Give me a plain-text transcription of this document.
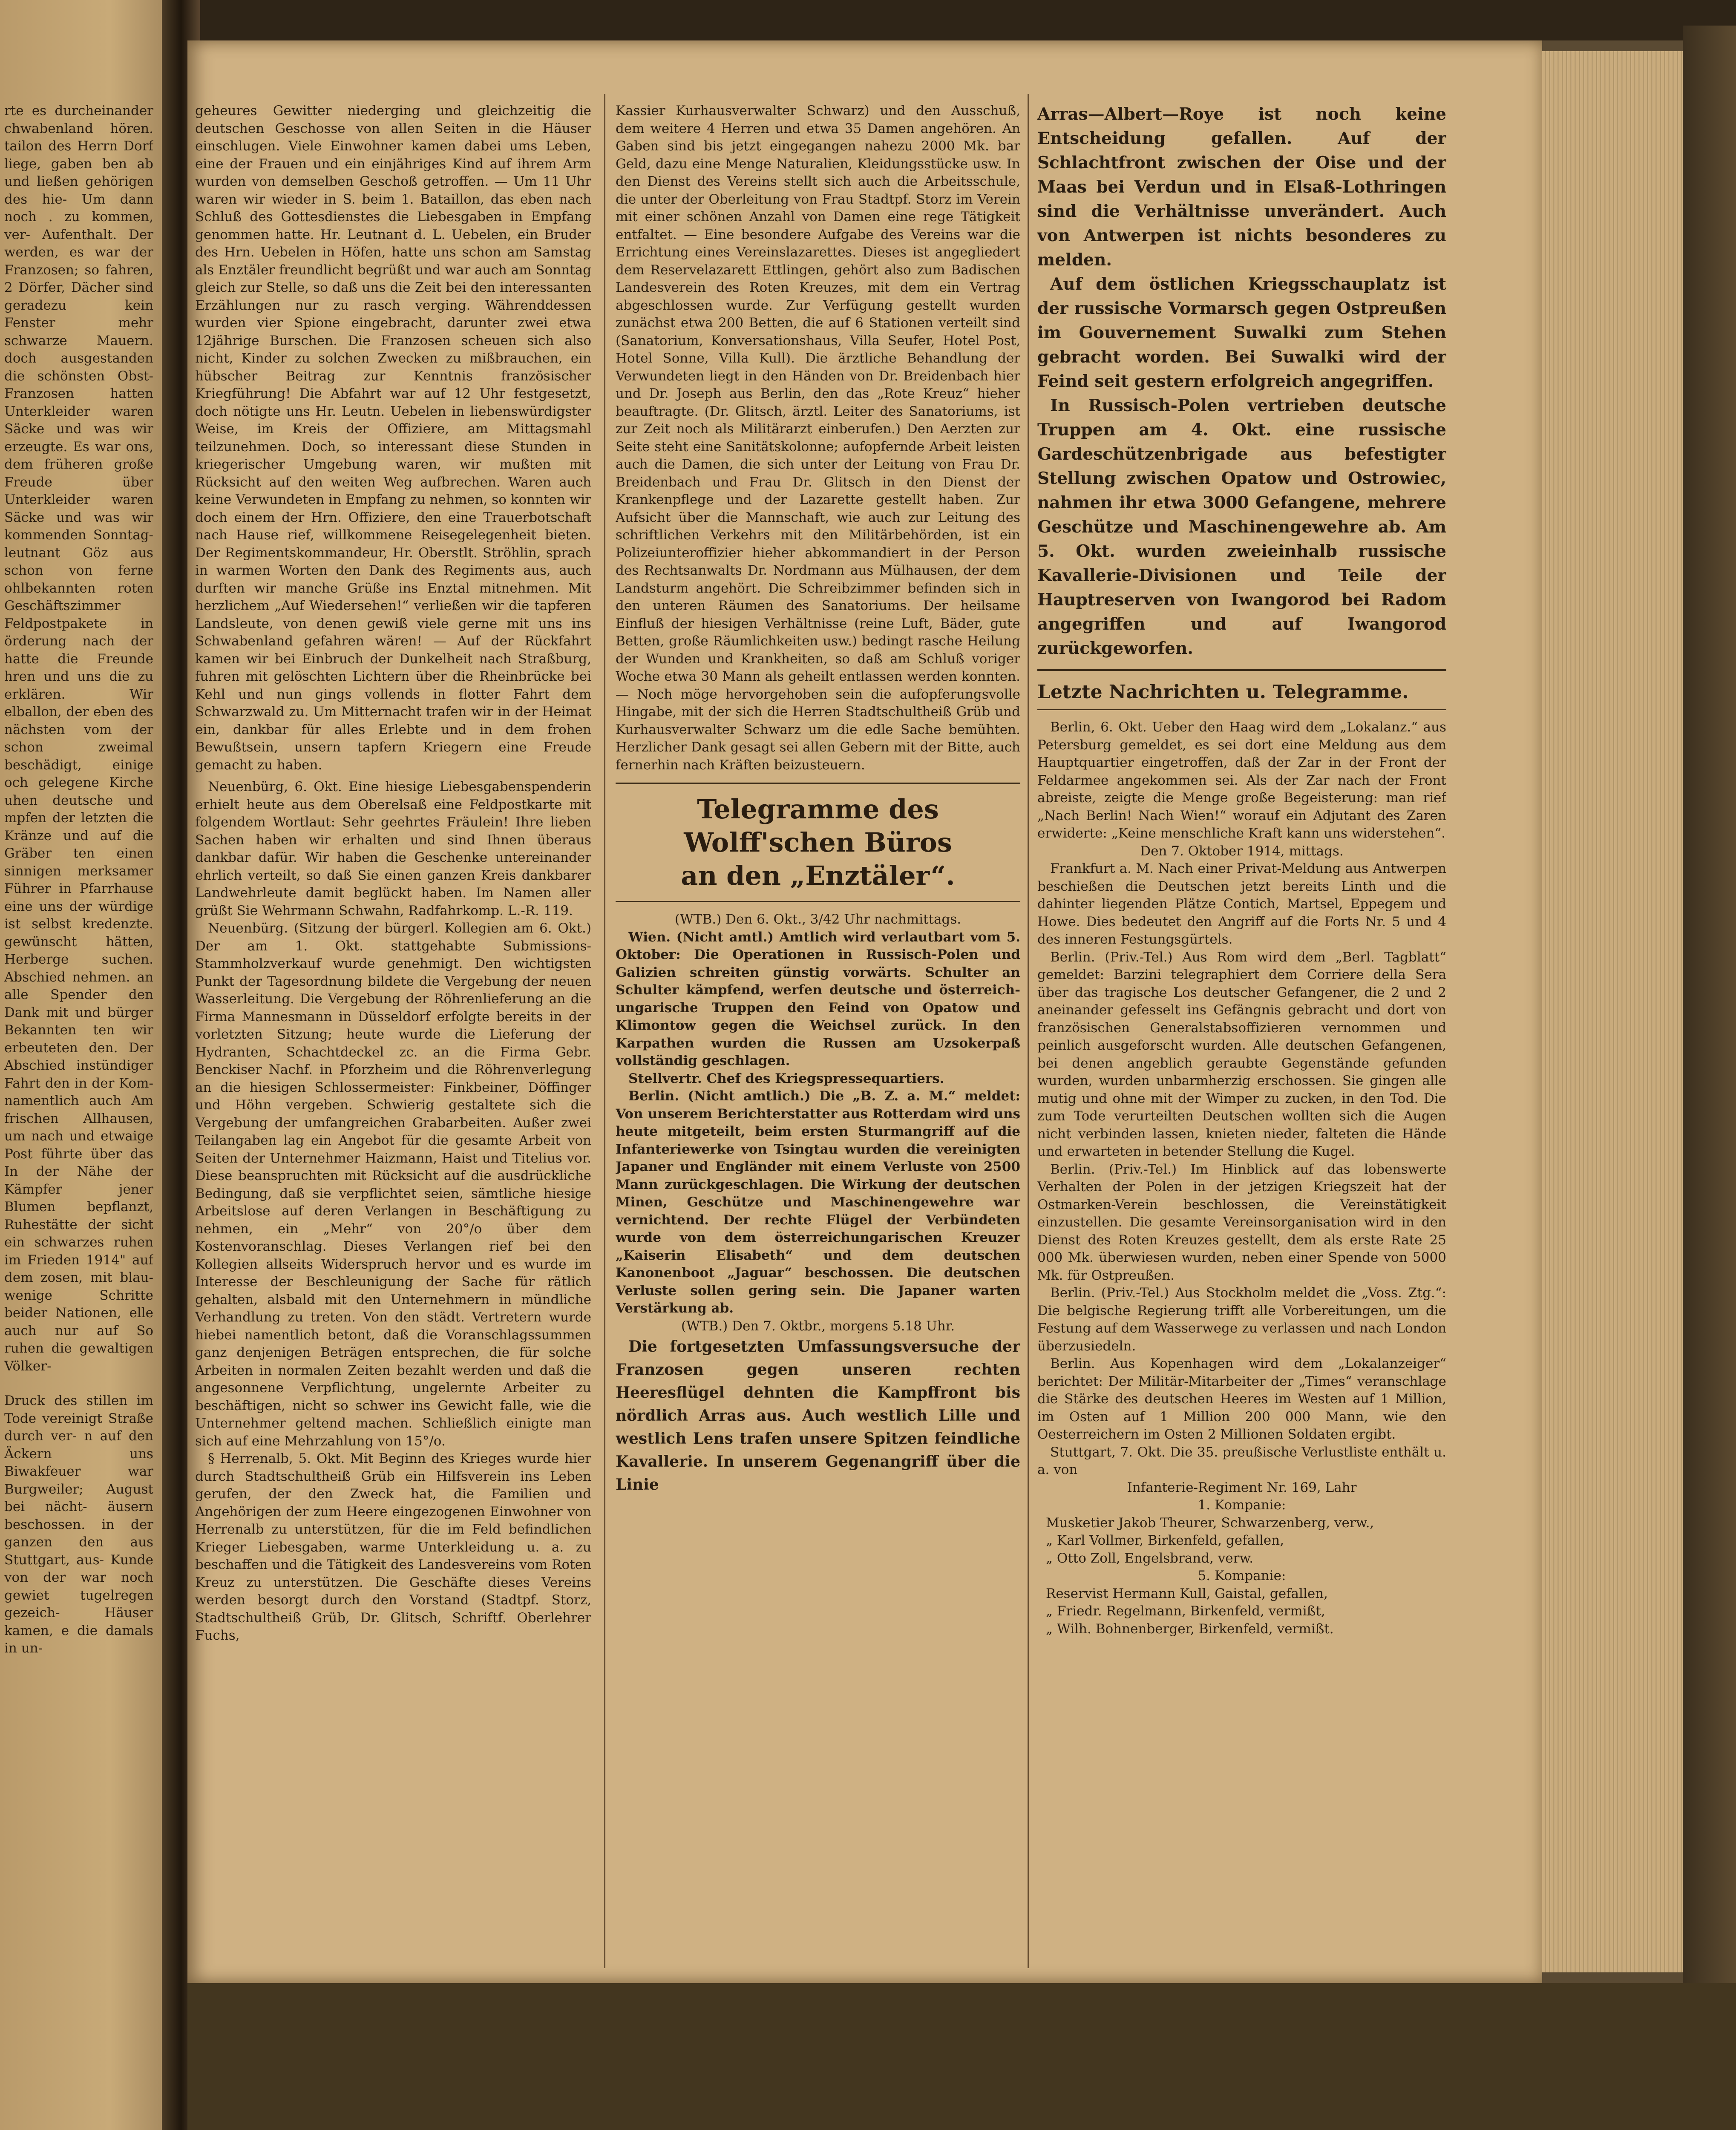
rte es durcheinander chwabenland hören. tailon des Herrn Dorf liege, gaben ben ab und ließen gehörigen des hie- Um dann noch . zu kommen, ver- Aufenthalt. Der werden, es war der Franzosen; so fahren, 2 Dörfer, Dächer sind geradezu kein Fenster mehr schwarze Mauern. doch ausgestanden die schönsten Obst- Franzosen hatten Unterkleider waren Säcke und was wir erzeugte. Es war ons, dem früheren große Freude über Unterkleider waren Säcke und was wir kommenden Sonntag- leutnant Göz aus schon von ferne ohlbekannten roten Geschäftszimmer Feldpostpakete in örderung nach der hatte die Freunde hren und uns die zu erklären. Wir elballon, der eben des nächsten vom der schon zweimal beschädigt, einige och gelegene Kirche uhen deutsche und mpfen der letzten die Kränze und auf die Gräber ten einen sinnigen merksamer Führer in Pfarrhause eine uns der würdige ist selbst kredenzte. gewünscht hätten, Herberge suchen. Abschied nehmen. an alle Spender den Dank mit und bürger Bekannten ten wir erbeuteten den. Der Abschied instündiger Fahrt den in der Kom- namentlich auch Am frischen Allhausen, um nach und etwaige Post führte über das In der Nähe der Kämpfer jener Blumen bepflanzt, Ruhestätte der sicht ein schwarzes ruhen im Frieden 1914" auf dem zosen, mit blau- wenige Schritte beider Nationen, elle auch nur auf So ruhen die gewaltigen Völker-

Druck des stillen im Tode vereinigt Straße durch ver- n auf den Äckern uns Biwakfeuer war Burgweiler; August bei nächt- äusern beschossen. in der ganzen den aus Stuttgart, aus- Kunde von der war noch gewiet tugelregen gezeich- Häuser kamen, e die damals in un-

geheures Gewitter niederging und gleichzeitig die deutschen Geschosse von allen Seiten in die Häuser einschlugen. Viele Einwohner kamen dabei ums Leben, eine der Frauen und ein einjähriges Kind auf ihrem Arm wurden von demselben Geschoß getroffen. — Um 11 Uhr waren wir wieder in S. beim 1. Bataillon, das eben nach Schluß des Gottesdienstes die Liebesgaben in Empfang genommen hatte. Hr. Leutnant d. L. Uebelen, ein Bruder des Hrn. Uebelen in Höfen, hatte uns schon am Samstag als Enztäler freundlicht begrüßt und war auch am Sonntag gleich zur Stelle, so daß uns die Zeit bei den interessanten Erzählungen nur zu rasch verging. Währenddessen wurden vier Spione eingebracht, darunter zwei etwa 12jährige Burschen. Die Franzosen scheuen sich also nicht, Kinder zu solchen Zwecken zu mißbrauchen, ein hübscher Beitrag zur Kenntnis französischer Kriegführung! Die Abfahrt war auf 12 Uhr festgesetzt, doch nötigte uns Hr. Leutn. Uebelen in liebenswürdigster Weise, im Kreis der Offiziere, am Mittagsmahl teilzunehmen. Doch, so interessant diese Stunden in kriegerischer Umgebung waren, wir mußten mit Rücksicht auf den weiten Weg aufbrechen. Waren auch keine Verwundeten in Empfang zu nehmen, so konnten wir doch einem der Hrn. Offiziere, den eine Trauerbotschaft nach Hause rief, willkommene Reisegelegenheit bieten. Der Regimentskommandeur, Hr. Oberstlt. Ströhlin, sprach in warmen Worten den Dank des Regiments aus, auch durften wir manche Grüße ins Enztal mitnehmen. Mit herzlichem „Auf Wiedersehen!“ verließen wir die tapferen Landsleute, von denen gewiß viele gerne mit uns ins Schwabenland gefahren wären! — Auf der Rückfahrt kamen wir bei Einbruch der Dunkelheit nach Straßburg, fuhren mit gelöschten Lichtern über die Rheinbrücke bei Kehl und nun gings vollends in flotter Fahrt dem Schwarzwald zu. Um Mitternacht trafen wir in der Heimat ein, dankbar für alles Erlebte und in dem frohen Bewußtsein, unsern tapfern Kriegern eine Freude gemacht zu haben.

Neuenbürg, 6. Okt. Eine hiesige Liebesgabenspenderin erhielt heute aus dem Oberelsaß eine Feldpostkarte mit folgendem Wortlaut: Sehr geehrtes Fräulein! Ihre lieben Sachen haben wir erhalten und sind Ihnen überaus dankbar dafür. Wir haben die Geschenke untereinander ehrlich verteilt, so daß Sie einen ganzen Kreis dankbarer Landwehrleute damit beglückt haben. Im Namen aller grüßt Sie Wehrmann Schwahn, Radfahrkomp. L.-R. 119.

Neuenbürg. (Sitzung der bürgerl. Kollegien am 6. Okt.) Der am 1. Okt. stattgehabte Submissions-Stammholzverkauf wurde genehmigt. Den wichtigsten Punkt der Tagesordnung bildete die Vergebung der neuen Wasserleitung. Die Vergebung der Röhrenlieferung an die Firma Mannesmann in Düsseldorf erfolgte bereits in der vorletzten Sitzung; heute wurde die Lieferung der Hydranten, Schachtdeckel zc. an die Firma Gebr. Benckiser Nachf. in Pforzheim und die Röhrenverlegung an die hiesigen Schlossermeister: Finkbeiner, Döffinger und Höhn vergeben. Schwierig gestaltete sich die Vergebung der umfangreichen Grabarbeiten. Außer zwei Teilangaben lag ein Angebot für die gesamte Arbeit von Seiten der Unternehmer Haizmann, Haist und Titelius vor. Diese beanspruchten mit Rücksicht auf die ausdrückliche Bedingung, daß sie verpflichtet seien, sämtliche hiesige Arbeitslose auf deren Verlangen in Beschäftigung zu nehmen, ein „Mehr“ von 20°/o über dem Kostenvoranschlag. Dieses Verlangen rief bei den Kollegien allseits Widerspruch hervor und es wurde im Interesse der Beschleunigung der Sache für rätlich gehalten, alsbald mit den Unternehmern in mündliche Verhandlung zu treten. Von den städt. Vertretern wurde hiebei namentlich betont, daß die Voranschlagssummen ganz denjenigen Beträgen entsprechen, die für solche Arbeiten in normalen Zeiten bezahlt werden und daß die angesonnene Verpflichtung, ungelernte Arbeiter zu beschäftigen, nicht so schwer ins Gewicht falle, wie die Unternehmer geltend machen. Schließlich einigte man sich auf eine Mehrzahlung von 15°/o.

§ Herrenalb, 5. Okt. Mit Beginn des Krieges wurde hier durch Stadtschultheiß Grüb ein Hilfsverein ins Leben gerufen, der den Zweck hat, die Familien und Angehörigen der zum Heere eingezogenen Einwohner von Herrenalb zu unterstützen, für die im Feld befindlichen Krieger Liebesgaben, warme Unterkleidung u. a. zu beschaffen und die Tätigkeit des Landesvereins vom Roten Kreuz zu unterstützen. Die Geschäfte dieses Vereins werden besorgt durch den Vorstand (Stadtpf. Storz, Stadtschultheiß Grüb, Dr. Glitsch, Schriftf. Oberlehrer Fuchs,

Kassier Kurhausverwalter Schwarz) und den Ausschuß, dem weitere 4 Herren und etwa 35 Damen angehören. An Gaben sind bis jetzt eingegangen nahezu 2000 Mk. bar Geld, dazu eine Menge Naturalien, Kleidungsstücke usw. In den Dienst des Vereins stellt sich auch die Arbeitsschule, die unter der Oberleitung von Frau Stadtpf. Storz im Verein mit einer schönen Anzahl von Damen eine rege Tätigkeit entfaltet. — Eine besondere Aufgabe des Vereins war die Errichtung eines Vereinslazarettes. Dieses ist angegliedert dem Reservelazarett Ettlingen, gehört also zum Badischen Landesverein des Roten Kreuzes, mit dem ein Vertrag abgeschlossen wurde. Zur Verfügung gestellt wurden zunächst etwa 200 Betten, die auf 6 Stationen verteilt sind (Sanatorium, Konversationshaus, Villa Seufer, Hotel Post, Hotel Sonne, Villa Kull). Die ärztliche Behandlung der Verwundeten liegt in den Händen von Dr. Breidenbach hier und Dr. Joseph aus Berlin, den das „Rote Kreuz“ hieher beauftragte. (Dr. Glitsch, ärztl. Leiter des Sanatoriums, ist zur Zeit noch als Militärarzt einberufen.) Den Aerzten zur Seite steht eine Sanitätskolonne; aufopfernde Arbeit leisten auch die Damen, die sich unter der Leitung von Frau Dr. Breidenbach und Frau Dr. Glitsch in den Dienst der Krankenpflege und der Lazarette gestellt haben. Zur Aufsicht über die Mannschaft, wie auch zur Leitung des schriftlichen Verkehrs mit den Militärbehörden, ist ein Polizeiunteroffizier hieher abkommandiert in der Person des Rechtsanwalts Dr. Nordmann aus Mülhausen, der dem Landsturm angehört. Die Schreibzimmer befinden sich in den unteren Räumen des Sanatoriums. Der heilsame Einfluß der hiesigen Verhältnisse (reine Luft, Bäder, gute Betten, große Räumlichkeiten usw.) bedingt rasche Heilung der Wunden und Krankheiten, so daß am Schluß voriger Woche etwa 30 Mann als geheilt entlassen werden konnten. — Noch möge hervorgehoben sein die aufopferungsvolle Hingabe, mit der sich die Herren Stadtschultheiß Grüb und Kurhausverwalter Schwarz um die edle Sache bemühten. Herzlicher Dank gesagt sei allen Gebern mit der Bitte, auch fernerhin nach Kräften beizusteuern.

Telegramme des Wolff'schen Büros
an den „Enztäler“.

(WTB.) Den 6. Okt., 3/42 Uhr nachmittags.

Wien. (Nicht amtl.) Amtlich wird verlautbart vom 5. Oktober: Die Operationen in Russisch-Polen und Galizien schreiten günstig vorwärts. Schulter an Schulter kämpfend, werfen deutsche und österreich-ungarische Truppen den Feind von Opatow und Klimontow gegen die Weichsel zurück. In den Karpathen wurden die Russen am Uzsokerpaß vollständig geschlagen.

Stellvertr. Chef des Kriegspressequartiers.

Berlin. (Nicht amtlich.) Die „B. Z. a. M.“ meldet: Von unserem Berichterstatter aus Rotterdam wird uns heute mitgeteilt, beim ersten Sturmangriff auf die Infanteriewerke von Tsingtau wurden die vereinigten Japaner und Engländer mit einem Verluste von 2500 Mann zurückgeschlagen. Die Wirkung der deutschen Minen, Geschütze und Maschinengewehre war vernichtend. Der rechte Flügel der Verbündeten wurde von dem österreichungarischen Kreuzer „Kaiserin Elisabeth“ und dem deutschen Kanonenboot „Jaguar“ beschossen. Die deutschen Verluste sollen gering sein. Die Japaner warten Verstärkung ab.

(WTB.) Den 7. Oktbr., morgens 5.18 Uhr.

Die fortgesetzten Umfassungsversuche der Franzosen gegen unseren rechten Heeresflügel dehnten die Kampffront bis nördlich Arras aus. Auch westlich Lille und westlich Lens trafen unsere Spitzen feindliche Kavallerie. In unserem Gegenangriff über die Linie

Arras—Albert—Roye ist noch keine Entscheidung gefallen. Auf der Schlachtfront zwischen der Oise und der Maas bei Verdun und in Elsaß-Lothringen sind die Verhältnisse unverändert. Auch von Antwerpen ist nichts besonderes zu melden.

Auf dem östlichen Kriegsschauplatz ist der russische Vormarsch gegen Ostpreußen im Gouvernement Suwalki zum Stehen gebracht worden. Bei Suwalki wird der Feind seit gestern erfolgreich angegriffen.

In Russisch-Polen vertrieben deutsche Truppen am 4. Okt. eine russische Gardeschützenbrigade aus befestigter Stellung zwischen Opatow und Ostrowiec, nahmen ihr etwa 3000 Gefangene, mehrere Geschütze und Maschinengewehre ab. Am 5. Okt. wurden zweieinhalb russische Kavallerie-Divisionen und Teile der Hauptreserven von Iwangorod bei Radom angegriffen und auf Iwangorod zurückgeworfen.

Letzte Nachrichten u. Telegramme.

Berlin, 6. Okt. Ueber den Haag wird dem „Lokalanz.“ aus Petersburg gemeldet, es sei dort eine Meldung aus dem Hauptquartier eingetroffen, daß der Zar in der Front der Feldarmee angekommen sei. Als der Zar nach der Front abreiste, zeigte die Menge große Begeisterung: man rief „Nach Berlin! Nach Wien!“ worauf ein Adjutant des Zaren erwiderte: „Keine menschliche Kraft kann uns widerstehen“.

Den 7. Oktober 1914, mittags.

Frankfurt a. M. Nach einer Privat-Meldung aus Antwerpen beschießen die Deutschen jetzt bereits Linth und die dahinter liegenden Plätze Contich, Martsel, Eppegem und Howe. Dies bedeutet den Angriff auf die Forts Nr. 5 und 4 des inneren Festungsgürtels.

Berlin. (Priv.-Tel.) Aus Rom wird dem „Berl. Tagblatt“ gemeldet: Barzini telegraphiert dem Corriere della Sera über das tragische Los deutscher Gefangener, die 2 und 2 aneinander gefesselt ins Gefängnis gebracht und dort von französischen Generalstabsoffizieren vernommen und peinlich ausgeforscht wurden. Alle deutschen Gefangenen, bei denen angeblich geraubte Gegenstände gefunden wurden, wurden unbarmherzig erschossen. Sie gingen alle mutig und ohne mit der Wimper zu zucken, in den Tod. Die zum Tode verurteilten Deutschen wollten sich die Augen nicht verbinden lassen, knieten nieder, falteten die Hände und erwarteten in betender Stellung die Kugel.

Berlin. (Priv.-Tel.) Im Hinblick auf das lobenswerte Verhalten der Polen in der jetzigen Kriegszeit hat der Ostmarken-Verein beschlossen, die Vereinstätigkeit einzustellen. Die gesamte Vereinsorganisation wird in den Dienst des Roten Kreuzes gestellt, dem als erste Rate 25 000 Mk. überwiesen wurden, neben einer Spende von 5000 Mk. für Ostpreußen.

Berlin. (Priv.-Tel.) Aus Stockholm meldet die „Voss. Ztg.“: Die belgische Regierung trifft alle Vorbereitungen, um die Festung auf dem Wasserwege zu verlassen und nach London überzusiedeln.

Berlin. Aus Kopenhagen wird dem „Lokalanzeiger“ berichtet: Der Militär-Mitarbeiter der „Times“ veranschlage die Stärke des deutschen Heeres im Westen auf 1 Million, im Osten auf 1 Million 200 000 Mann, wie den Oesterreichern im Osten 2 Millionen Soldaten ergibt.

Stuttgart, 7. Okt. Die 35. preußische Verlustliste enthält u. a. von

Infanterie-Regiment Nr. 169, Lahr

1. Kompanie:

Musketier Jakob Theurer, Schwarzenberg, verw.,

„ Karl Vollmer, Birkenfeld, gefallen,

„ Otto Zoll, Engelsbrand, verw.

5. Kompanie:

Reservist Hermann Kull, Gaistal, gefallen,

„ Friedr. Regelmann, Birkenfeld, vermißt,

„ Wilh. Bohnenberger, Birkenfeld, vermißt.
